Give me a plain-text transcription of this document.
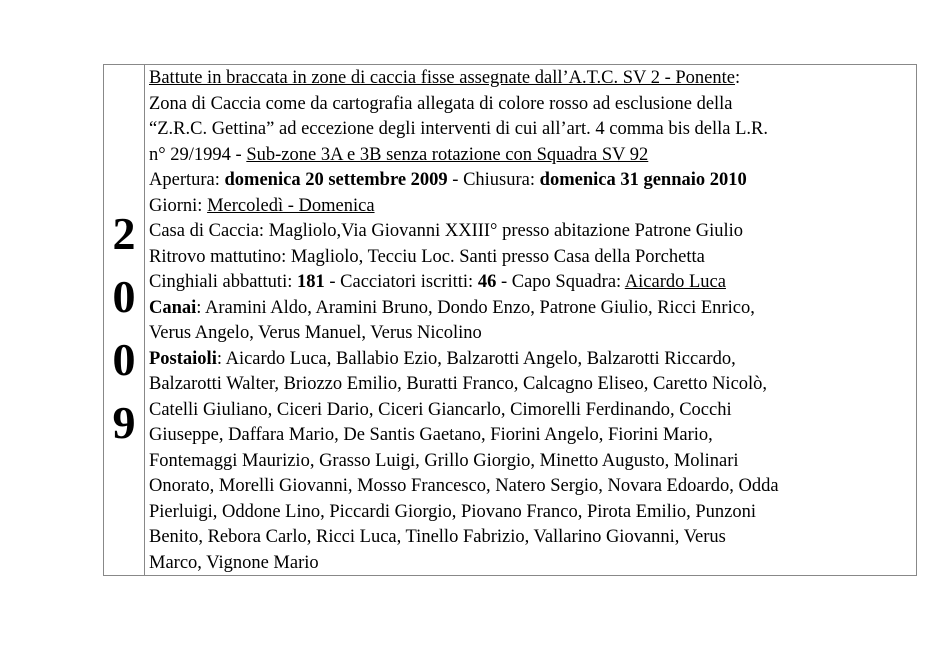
2
0
0
9
Battute in braccata in zone di caccia fisse assegnate dall’A.T.C. SV 2 - Ponente:
Zona di Caccia come da cartografia allegata di colore rosso ad esclusione della
“Z.R.C. Gettina” ad eccezione degli interventi di cui all’art. 4 comma bis della L.R.
n° 29/1994 - Sub-zone 3A e 3B senza rotazione con Squadra SV 92
Apertura: domenica 20 settembre 2009 - Chiusura: domenica 31 gennaio 2010
Giorni: Mercoledì - Domenica
Casa di Caccia: Magliolo,Via Giovanni XXIII° presso abitazione Patrone Giulio
Ritrovo mattutino: Magliolo, Tecciu Loc. Santi presso Casa della Porchetta
Cinghiali abbattuti: 181 - Cacciatori iscritti: 46 - Capo Squadra: Aicardo Luca
Canai: Aramini Aldo, Aramini Bruno, Dondo Enzo, Patrone Giulio, Ricci Enrico,
Verus Angelo, Verus Manuel, Verus Nicolino
Postaioli: Aicardo Luca, Ballabio Ezio, Balzarotti Angelo, Balzarotti Riccardo,
Balzarotti Walter, Briozzo Emilio, Buratti Franco, Calcagno Eliseo, Caretto Nicolò,
Catelli Giuliano, Ciceri Dario, Ciceri Giancarlo, Cimorelli Ferdinando, Cocchi
Giuseppe, Daffara Mario, De Santis Gaetano, Fiorini Angelo, Fiorini Mario,
Fontemaggi Maurizio, Grasso Luigi, Grillo Giorgio, Minetto Augusto, Molinari
Onorato, Morelli Giovanni, Mosso Francesco, Natero Sergio, Novara Edoardo, Odda
Pierluigi, Oddone Lino, Piccardi Giorgio, Piovano Franco, Pirota Emilio, Punzoni
Benito, Rebora Carlo, Ricci Luca, Tinello Fabrizio, Vallarino Giovanni, Verus
Marco, Vignone Mario
